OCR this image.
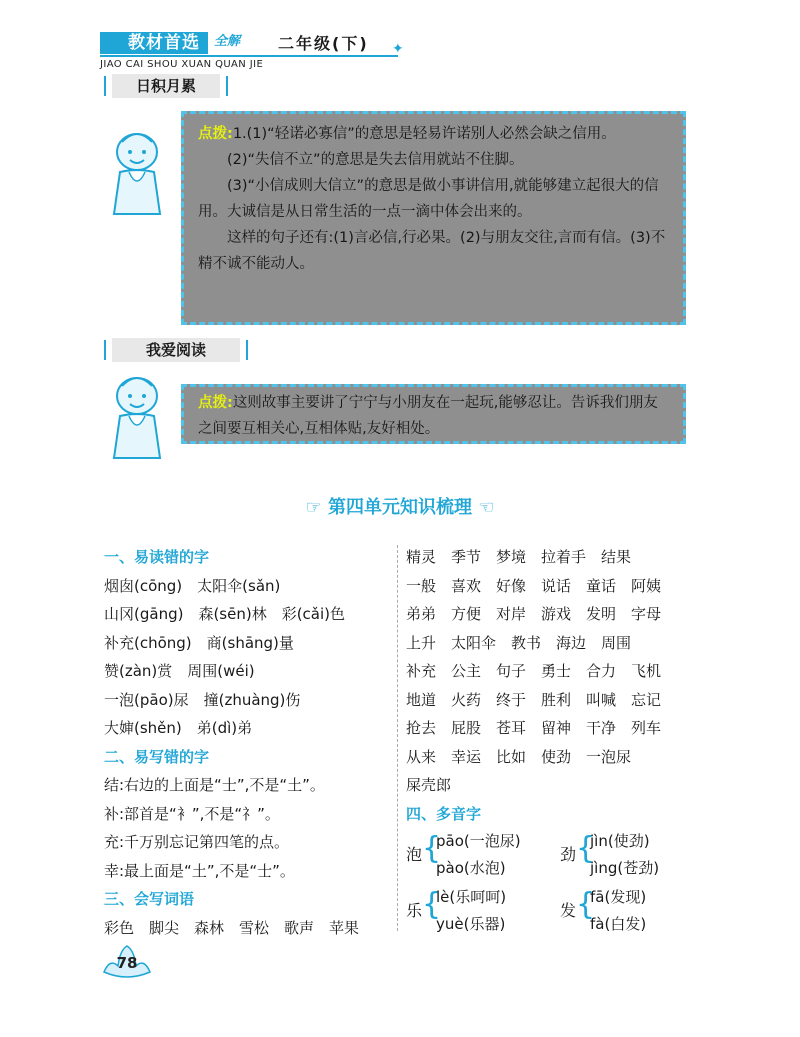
教材首选	全解	二年级(下) ✦
JIAO CAI SHOU XUAN QUAN JIE
日积月累

点拨:1.(1)“轻诺必寡信”的意思是轻易许诺别人必然会缺之信用。

(2)“失信不立”的意思是失去信用就站不住脚。

(3)“小信成则大信立”的意思是做小事讲信用,就能够建立起很大的信用。大诚信是从日常生活的一点一滴中体会出来的。

这样的句子还有:(1)言必信,行必果。(2)与朋友交往,言而有信。(3)不精不诚不能动人。

我爱阅读

点拨:这则故事主要讲了宁宁与小朋友在一起玩,能够忍让。告诉我们朋友之间要互相关心,互相体贴,友好相处。

☞ 第四单元知识梳理 ☜
一、易读错的字
烟囱(cōng)　太阳伞(sǎn)
山冈(gāng)　森(sēn)林　彩(cǎi)色
补充(chōng)　商(shāng)量
赞(zàn)赏　周围(wéi)
一泡(pāo)尿　撞(zhuàng)伤
大婶(shěn)　弟(dì)弟
二、易写错的字
结:右边的上面是“士”,不是“土”。
补:部首是“衤”,不是“礻”。
充:千万别忘记第四笔的点。
幸:最上面是“土”,不是“士”。
三、会写词语
彩色　脚尖　森林　雪松　歌声　苹果
精灵　季节　梦境　拉着手　结果
一般　喜欢　好像　说话　童话　阿姨
弟弟　方便　对岸　游戏　发明　字母
上升　太阳伞　教书　海边　周围
补充　公主　句子　勇士　合力　飞机
地道　火药　终于　胜利　叫喊　忘记
抢去　屁股　苍耳　留神　干净　列车
从来　幸运　比如　使劲　一泡尿
屎壳郎
四、多音字
泡 {
pāo(一泡尿)
pào(水泡)
劲 {
jìn(使劲)
jìng(苍劲)
乐 {
lè(乐呵呵)
yuè(乐器)
发 {
fā(发现)
fà(白发)
78
